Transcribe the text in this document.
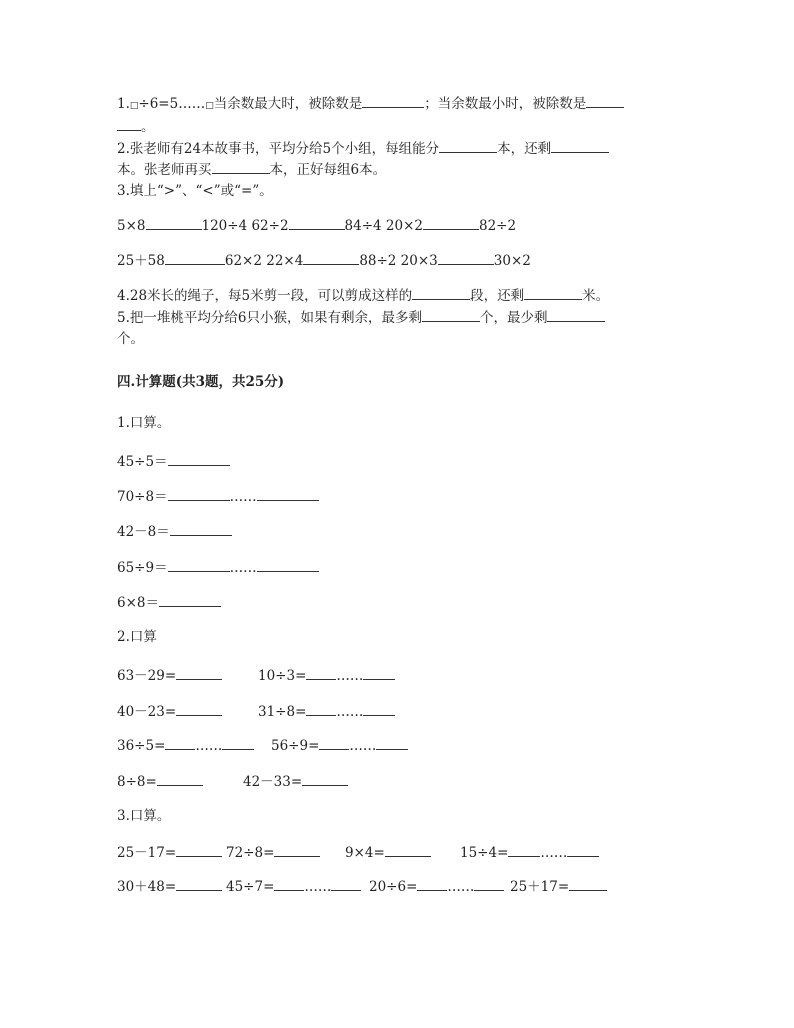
1.□÷6=5……□当余数最大时，被除数是	；当余数最小时，被除数是
。
2.张老师有24本故事书，平均分给5个小组，每组能分	本，还剩
本。张老师再买	本，正好每组6本。
3.填上“>”、“<”或“=”。
5×8	120÷4 62÷2	84÷4 20×2	82÷2
25＋58	62×2 22×4	88÷2 20×3	30×2
4.28米长的绳子，每5米剪一段，可以剪成这样的	段，还剩	米。
5.把一堆桃平均分给6只小猴，如果有剩余，最多剩	个，最少剩
个。
四.计算题(共3题，共25分)
1.口算。
45÷5＝
70÷8＝	……
42－8＝
65÷9＝	……
6×8＝
2.口算
63－29=	10÷3= ……
40－23=	31÷8= ……
36÷5= ……	56÷9= ……
8÷8=	42－33=
3.口算。
25－17=	72÷8=	9×4=	15÷4= ……
30＋48=	45÷7= ……	20÷6= ……	25＋17=
